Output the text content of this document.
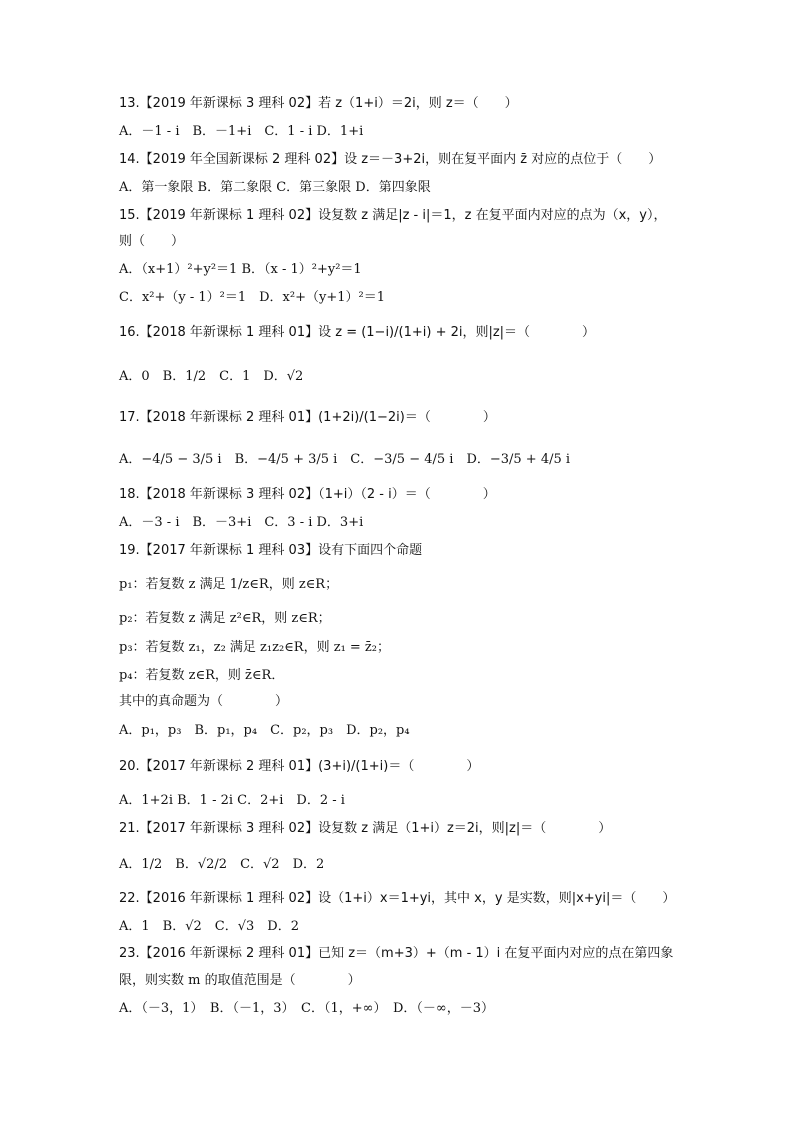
13.【2019 年新课标 3 理科 02】若 z（1+i）＝2i，则 z＝（　　）
A．－1 - i　B．－1+i　C．1 - i D．1+i
14.【2019 年全国新课标 2 理科 02】设 z＝－3+2i，则在复平面内 z̄ 对应的点位于（　　）
A．第一象限 B．第二象限 C．第三象限 D．第四象限
15.【2019 年新课标 1 理科 02】设复数 z 满足|z - i|＝1，z 在复平面内对应的点为（x，y），
则（　　）
A．（x+1）²+y²＝1 B．（x - 1）²+y²＝1
C．x²+（y - 1）²＝1　D．x²+（y+1）²＝1
16.【2018 年新课标 1 理科 01】设 z = (1−i)/(1+i) + 2i，则|z|＝（　　　　）
A．0　B．1/2　C．1　D．√2
17.【2018 年新课标 2 理科 01】(1+2i)/(1−2i)＝（　　　　）
A．−4/5 − 3/5 i　B．−4/5 + 3/5 i　C．−3/5 − 4/5 i　D．−3/5 + 4/5 i
18.【2018 年新课标 3 理科 02】（1+i）（2 - i）＝（　　　　）
A．－3 - i　B．－3+i　C．3 - i D．3+i
19.【2017 年新课标 1 理科 03】设有下面四个命题
p₁：若复数 z 满足 1/z∈R，则 z∈R；
p₂：若复数 z 满足 z²∈R，则 z∈R；
p₃：若复数 z₁，z₂ 满足 z₁z₂∈R，则 z₁ = z̄₂；
p₄：若复数 z∈R，则 z̄∈R．
其中的真命题为（　　　　）
A．p₁，p₃　B．p₁，p₄　C．p₂，p₃　D．p₂，p₄
20.【2017 年新课标 2 理科 01】(3+i)/(1+i)＝（　　　　）
A．1+2i B．1 - 2i C．2+i　D．2 - i
21.【2017 年新课标 3 理科 02】设复数 z 满足（1+i）z＝2i，则|z|＝（　　　　）
A．1/2　B．√2/2　C．√2　D．2
22.【2016 年新课标 1 理科 02】设（1+i）x＝1+yi，其中 x，y 是实数，则|x+yi|＝（　　）
A．1　B．√2　C．√3　D．2
23.【2016 年新课标 2 理科 01】已知 z＝（m+3）+（m - 1）i 在复平面内对应的点在第四象
限，则实数 m 的取值范围是（　　　　）
A．（－3，1）　B．（－1，3）　C．（1，+∞）　D．（－∞，－3）
